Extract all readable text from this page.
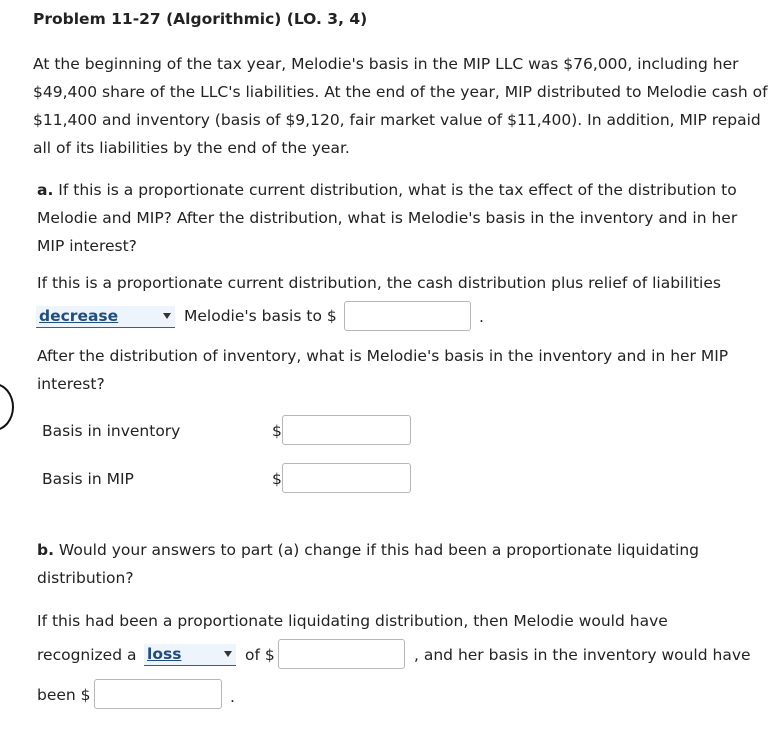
Problem 11-27 (Algorithmic) (LO. 3, 4)
At the beginning of the tax year, Melodie's basis in the MIP LLC was $76,000, including her $49,400 share of the LLC's liabilities. At the end of the year, MIP distributed to Melodie cash of $11,400 and inventory (basis of $9,120, fair market value of $11,400). In addition, MIP repaid all of its liabilities by the end of the year.
a. If this is a proportionate current distribution, what is the tax effect of the distribution to Melodie and MIP? After the distribution, what is Melodie's basis in the inventory and in her MIP interest?
If this is a proportionate current distribution, the cash distribution plus relief of liabilities
decrease	Melodie's basis to $	.
After the distribution of inventory, what is Melodie's basis in the inventory and in her MIP interest?
Basis in inventory	$
Basis in MIP	$
b. Would your answers to part (a) change if this had been a proportionate liquidating distribution?
If this had been a proportionate liquidating distribution, then Melodie would have
recognized a loss	of $	, and her basis in the inventory would have
been $	.
